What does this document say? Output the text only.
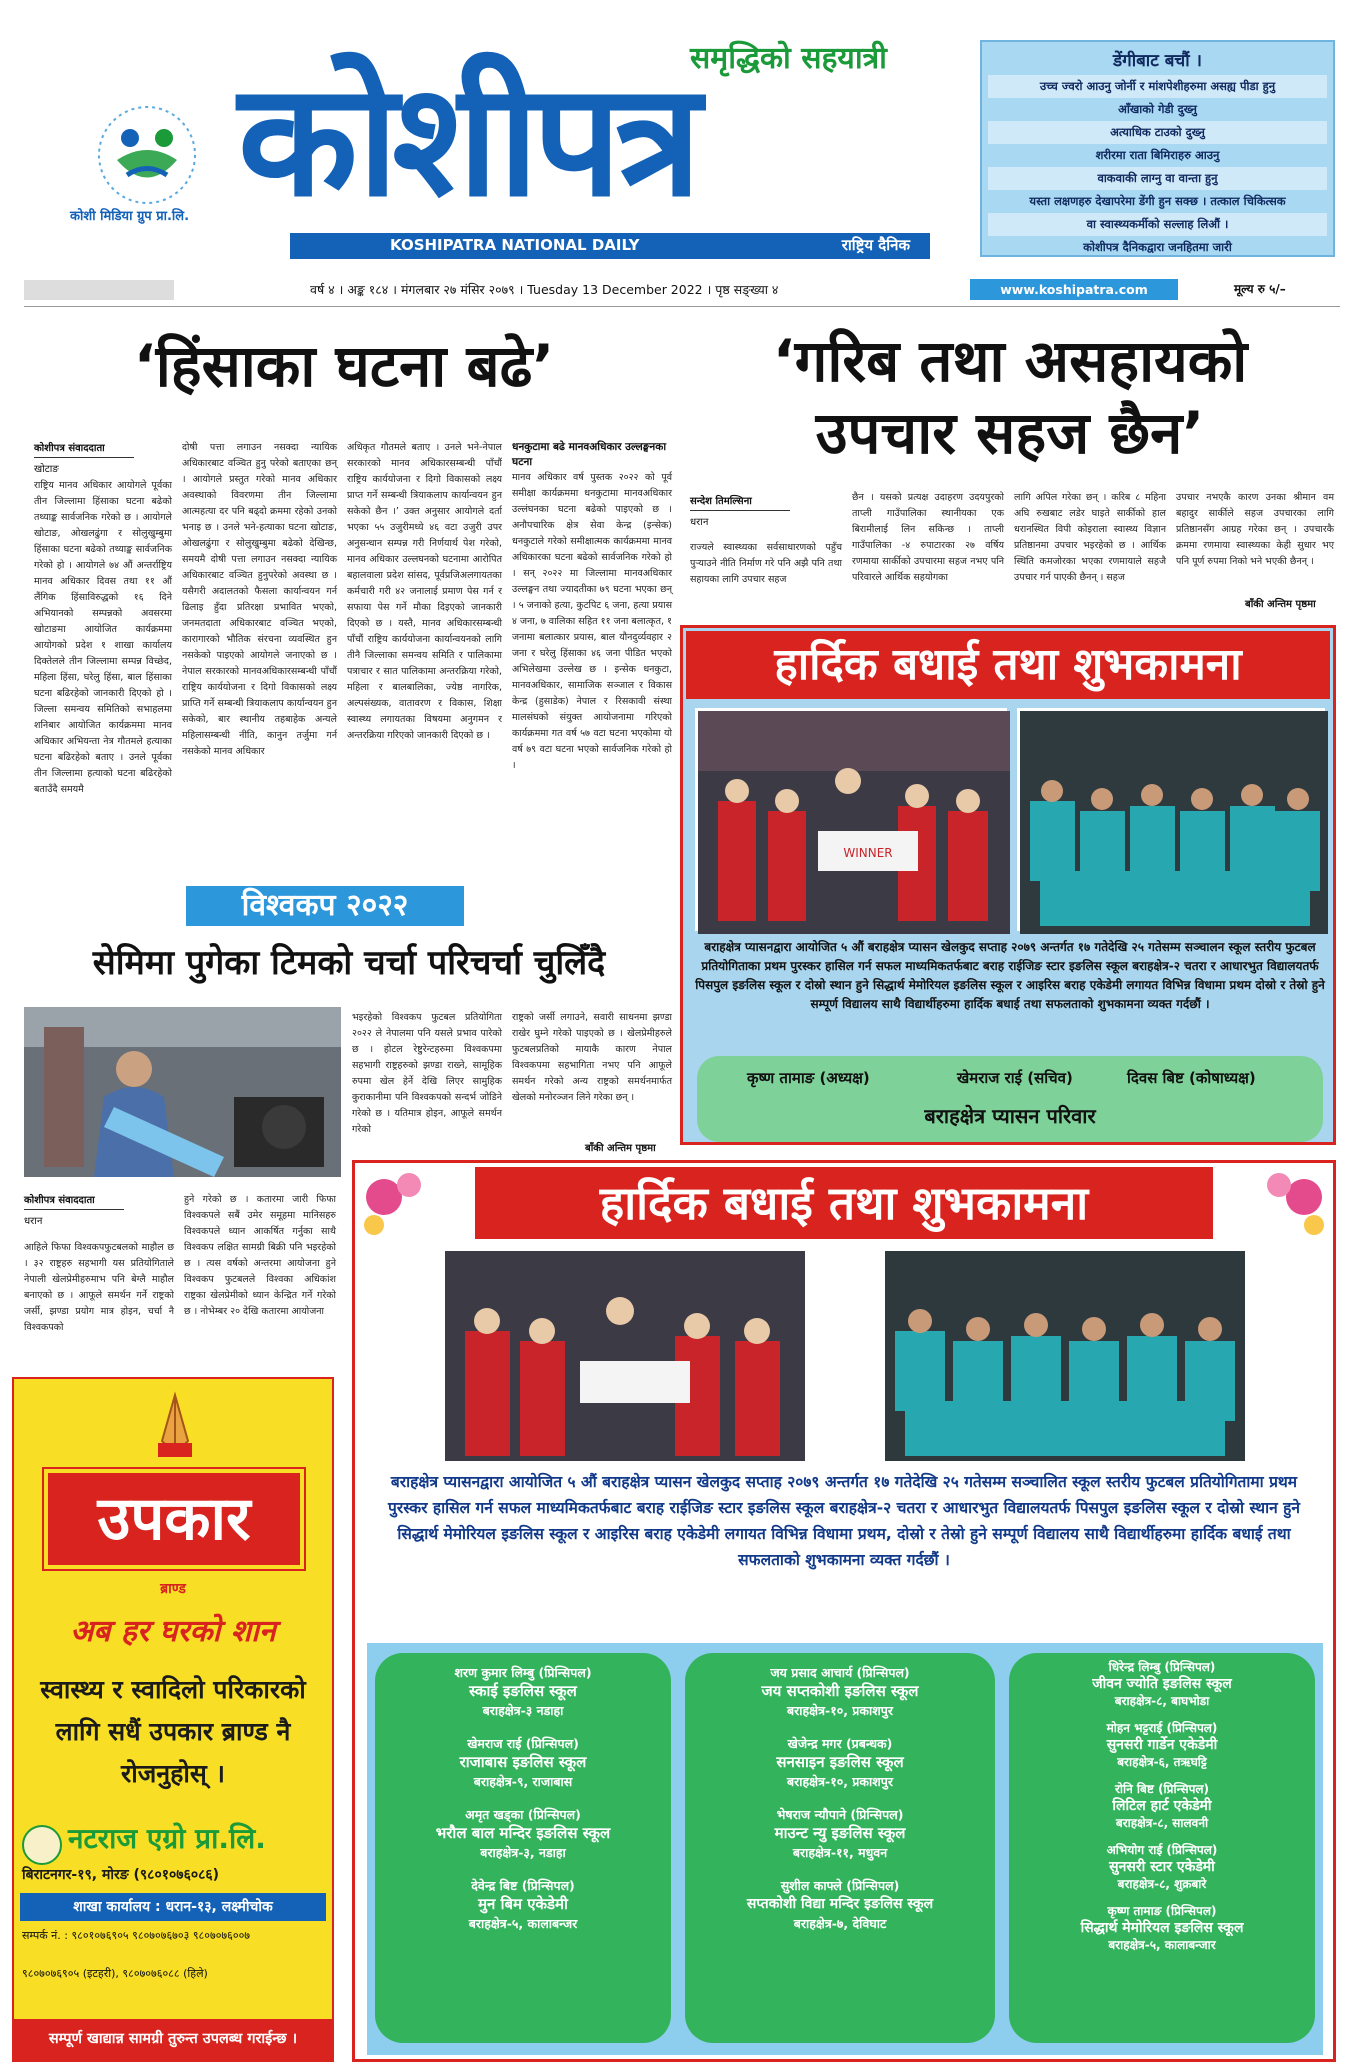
कोशी मिडिया ग्रुप प्रा.लि.
समृद्धिको सहयात्री
कोशीपत्र
KOSHIPATRA NATIONAL DAILY	राष्ट्रिय दैनिक
डेंगीबाट बचौं ।
उच्च ज्वरो आउनु जोर्नी र मांशपेशीहरुमा असह्य पीडा हुनु
आँखाको गेडी दुख्नु
अत्याधिक टाउको दुख्नु
शरीरमा राता बिमिराहरु आउनु
वाकवाकी लाग्नु वा वान्ता हुनु
यस्ता लक्षणहरु देखापरेमा डेंगी हुन सक्छ । तत्काल चिकित्सक
वा स्वास्थ्यकर्मीको सल्लाह लिऔं ।
कोशीपत्र दैनिकद्वारा जनहितमा जारी
वर्ष ४ । अङ्क १८४ । मंगलबार २७ मंसिर २०७९ । Tuesday 13 December 2022 । पृष्ठ सङ्ख्या ४	www.koshipatra.com	मूल्य रु ५/–
‘हिंसाका घटना बढे’
कोशीपत्र संवाददाता
खोटाङ
राष्ट्रिय मानव अधिकार आयोगले पूर्वका तीन जिल्लामा हिंसाका घटना बढेको तथ्याङ्क सार्वजनिक गरेको छ । आयोगले खोटाङ, ओखलढुंगा र सोलुखुम्बुमा हिंसाका घटना बढेको तथ्याङ्क सार्वजनिक गरेको हो । आयोगले ७४ औं अन्तर्राष्ट्रिय मानव अधिकार दिवस तथा ११ औं लैंगिक हिंसाविरुद्धको १६ दिने अभियानको सम्पन्नको अवसरमा खोटाङमा आयोजित कार्यक्रममा आयोगको प्रदेश १ शाखा कार्यालय दिक्तेलले तीन जिल्लामा सम्पन्न विच्छेद, महिला हिंसा, घरेलु हिंसा, बाल हिंसाका घटना बढिरहेको जानकारी दिएको हो । जिल्ला समन्वय समितिको सभाहलमा शनिबार आयोजित कार्यक्रममा मानव अधिकार अभियन्ता नेत्र गौतमले हत्याका घटना बढिरहेको बताए । उनले पूर्वका तीन जिल्लामा हत्याको घटना बढिरहेको बताउँदै समयमै
दोषी पत्ता लगाउन नसक्दा न्यायिक अधिकारबाट वञ्चित हुनु परेको बताएका छन् । आयोगले प्रस्तुत गरेको मानव अधिकार अवस्थाको विवरणमा तीन जिल्लामा आत्महत्या दर पनि बढ्दो क्रममा रहेको उनको भनाइ छ । उनले भने-हत्याका घटना खोटाङ, ओखलढुंगा र सोलुखुम्बुमा बढेको देखिन्छ, समयमै दोषी पत्ता लगाउन नसक्दा न्यायिक अधिकारबाट वञ्चित हुनुपरेको अवस्था छ । यसैगरी अदालतको फैसला कार्यान्वयन गर्न ढिलाइ हुँदा प्रतिरक्षा प्रभावित भएको, जनमतदाता अधिकारबाट वञ्चित भएको, कारागारको भौतिक संरचना व्यवस्थित हुन नसकेको पाइएको आयोगले जनाएको छ । नेपाल सरकारको मानवअधिकारसम्बन्धी पाँचौं राष्ट्रिय कार्ययोजना र दिगो विकासको लक्ष्य प्राप्ति गर्ने सम्बन्धी त्रियाकलाप कार्यान्वयन हुन सकेको, बार स्थानीय तहबाहेक अन्यले महिलासम्बन्धी नीति, कानुन तर्जुमा गर्न नसकेको मानव अधिकार
अधिकृत गौतमले बताए । उनले भने-नेपाल सरकारको मानव अधिकारसम्बन्धी पाँचौं राष्ट्रिय कार्ययोजना र दिगो विकासको लक्ष्य प्राप्त गर्ने सम्बन्धी त्रियाकलाप कार्यान्वयन हुन सकेको छैन ।’ उक्त अनुसार आयोगले दर्ता भएका ५५ उजुरीमध्ये ४६ वटा उजुरी उपर अनुसन्धान सम्पन्न गरी निर्णयार्थ पेश गरेको, मानव अधिकार उल्लघनको घटनामा आरोपित बहालवाला प्रदेश सांसद, पूर्वप्रजिअलगायतका कर्मचारी गरी ४२ जनालाई प्रमाण पेस गर्न र सफाया पेस गर्ने मौका दिइएको जानकारी दिएको छ । यस्तै, मानव अधिकारसम्बन्धी पाँचौं राष्ट्रिय कार्ययोजना कार्यान्वयनको लागि तीनै जिल्लाका समन्वय समिति र पालिकामा पत्राचार र सात पालिकामा अन्तरक्रिया गरेको, महिला र बालबालिका, ज्येष्ठ नागरिक, अल्पसंख्यक, वातावरण र विकास, शिक्षा स्वास्थ्य लगायतका विषयमा अनुगमन र अन्तरक्रिया गरिएको जानकारी दिएको छ ।
धनकुटामा बढे मानवअधिकार उल्लङ्घनका घटना
मानव अधिकार वर्ष पुस्तक २०२२ को पूर्व समीक्षा कार्यक्रममा धनकुटामा मानवअधिकार उल्लंघनका घटना बढेको पाइएको छ । अनौपचारिक क्षेत्र सेवा केन्द्र (इन्सेक) धनकुटाले गरेको समीक्षात्मक कार्यक्रममा मानव अधिकारका घटना बढेको सार्वजनिक गरेको हो । सन् २०२२ मा जिल्लामा मानवअधिकार उल्लङ्घन तथा ज्यादतीका ७९ घटना भएका छन् । ५ जनाको हत्या, कुटपिट ६ जना, हत्या प्रयास ४ जना, ७ वालिका सहित ११ जना बलात्कृत, १ जनामा बलात्कार प्रयास, बाल यौनदुर्व्यवहार २ जना र घरेलु हिंसाका ४६ जना पीडित भएको अभिलेखमा उल्लेख छ । इन्सेक धनकुटा, मानवअधिकार, सामाजिक सञ्जाल र विकास केन्द्र (हुसाडेक) नेपाल र रिसकावी संस्था मालसंघको संयुक्त आयोजनामा गरिएको कार्यक्रममा गत वर्ष ५७ वटा घटना भएकोमा यो वर्ष ७९ वटा घटना भएको सार्वजनिक गरेको हो ।
‘गरिब तथा असहायको
उपचार सहज छैन’
सन्देश तिमल्सिना
धरान
राज्यले स्वास्थ्यका सर्वसाधारणको पहुँच पुऱ्याउने नीति निर्माण गरे पनि अझै पनि तथा सहायका लागि उपचार सहज
छैन । यसको प्रत्यक्ष उदाहरण उदयपुरको ताप्ली गाउँपालिका स्थानीयका एक बिरामीलाई लिन सकिन्छ । ताप्ली गाउँपालिका -४ रुपाटारका २७ वर्षिय रणमाया सार्कीको उपचारमा सहज नभए पनि परिवारले आर्थिक सहयोगका
लागि अपिल गरेका छन् । करिब ८ महिना अघि रुखबाट लडेर घाइते सार्कीको हाल धरानस्थित विपी कोइराला स्वास्थ्य विज्ञान प्रतिष्ठानमा उपचार भइरहेको छ । आर्थिक स्थिति कमजोरका भएका रणमायाले सहजै उपचार गर्न पाएकी छैनन् । सहज
उपचार नभएकै कारण उनका श्रीमान वम बहादुर सार्कीले सहज उपचारका लागि प्रतिष्ठानसँग आग्रह गरेका छन् । उपचारकै क्रममा रणमाया स्वास्थ्यका केही सुधार भए पनि पूर्ण रुपमा निको भने भएकी छैनन् ।
बाँकी अन्तिम पृष्ठमा
हार्दिक बधाई तथा शुभकामना
WINNER
बराहक्षेत्र प्यासनद्वारा आयोजित ५ औं बराहक्षेत्र प्यासन खेलकुद सप्ताह २०७९ अन्तर्गत १७ गतेदेखि २५ गतेसम्म सञ्चालन स्कूल स्तरीय फुटबल प्रतियोगिताका प्रथम पुरस्कर हासिल गर्न सफल माध्यमिकतर्फबाट बराह राईजिङ स्टार इङलिस स्कूल बराहक्षेत्र-२ चतरा र आधारभुत विद्यालयतर्फ पिसपुल इङलिस स्कूल र दोस्रो स्थान हुने सिद्धार्थ मेमोरियल इङलिस स्कूल र आइरिस बराह एकेडेमी लगायत विभिन्न विधामा प्रथम दोस्रो र तेस्रो हुने सम्पूर्ण विद्यालय साथै विद्यार्थीहरुमा हार्दिक बधाई तथा सफलताको शुभकामना व्यक्त गर्दछौं ।
कृष्ण तामाङ (अध्यक्ष)	खेमराज राई (सचिव)	दिवस बिष्ट (कोषाध्यक्ष)
बराहक्षेत्र प्यासन परिवार
विश्वकप २०२२
सेमिमा पुगेका टिमको चर्चा परिचर्चा चुलिँदै
भइरहेको विश्वकप फुटबल प्रतियोगिता २०२२ ले नेपालमा पनि यसले प्रभाव पारेको छ । होटल रेष्टुरेन्टहरुमा विश्वकपमा सहभागी राष्ट्रहरुको झण्डा राख्ने, सामूहिक रुपमा खेल हेर्ने देखि लिएर सामुहिक कुराकानीमा पनि विश्वकपको सन्दर्भ जोडिने गरेको छ । यतिमात्र होइन, आफूले समर्थन गरेको
राष्ट्रको जर्सी लगाउने, सवारी साधनमा झण्डा राखेर घुम्ने गरेको पाइएको छ । खेलप्रेमीहरुले फुटबलप्रतिको मायाकै कारण नेपाल विश्वकपमा सहभागिता नभए पनि आफूले समर्थन गरेको अन्य राष्ट्रको समर्थनमार्फत खेलको मनोरञ्जन लिने गरेका छन् ।
बाँकी अन्तिम पृष्ठमा
कोशीपत्र संवाददाता
धरान
आहिले फिफा विश्वकपफुटबलको माहौल छ । ३२ राष्ट्रहरु सहभागी यस प्रतियोगिताले नेपाली खेलप्रेमीहरुमाभ पनि बेग्लै माहौल बनाएको छ । आफूले समर्थन गर्ने राष्ट्रको जर्सी, झण्डा प्रयोग मात्र होइन, चर्चा नै विश्वकपको
हुने गरेको छ । कतारमा जारी फिफा विश्वकपले सबैं उमेर समूहमा मानिसहरु विश्वकपले ध्यान आकर्षित गर्नुका साथै विश्वकप लक्षित सामग्री बिक्री पनि भइरहेको छ । त्यस वर्षको अन्तरमा आयोजना हुने विश्वकप फुटबलले विश्वका अधिकांश राष्ट्रका खेलप्रेमीको ध्यान केन्द्रित गर्ने गरेको छ । नोभेम्बर २० देखि कतारमा आयोजना
हार्दिक बधाई तथा शुभकामना
बराहक्षेत्र प्यासनद्वारा आयोजित ५ औं बराहक्षेत्र प्यासन खेलकुद सप्ताह २०७९ अन्तर्गत १७ गतेदेखि २५ गतेसम्म सञ्चालित स्कूल स्तरीय फुटबल प्रतियोगितामा प्रथम पुरस्कर हासिल गर्न सफल माध्यमिकतर्फबाट बराह राईजिङ स्टार इङलिस स्कूल बराहक्षेत्र-२ चतरा र आधारभुत विद्यालयतर्फ पिसपुल इङलिस स्कूल र दोस्रो स्थान हुने सिद्धार्थ मेमोरियल इङलिस स्कूल र आइरिस बराह एकेडेमी लगायत विभिन्न विधामा प्रथम, दोस्रो र तेस्रो हुने सम्पूर्ण विद्यालय साथै विद्यार्थीहरुमा हार्दिक बधाई तथा सफलताको शुभकामना व्यक्त गर्दछौं ।
शरण कुमार लिम्बु (प्रिन्सिपल)
स्काई इङलिस स्कूल
बराहक्षेत्र-३ नडाहा
खेमराज राई (प्रिन्सिपल)
राजाबास इङलिस स्कूल
बराहक्षेत्र-९, राजाबास
अमृत खड्का (प्रिन्सिपल)
भरौल बाल मन्दिर इङलिस स्कूल
बराहक्षेत्र-३, नडाहा
देवेन्द्र बिष्ट (प्रिन्सिपल)
मुन बिम एकेडेमी
बराहक्षेत्र-५, कालाबन्जर
जय प्रसाद आचार्य (प्रिन्सिपल)
जय सप्तकोशी इङलिस स्कूल
बराहक्षेत्र-१०, प्रकाशपुर
खेजेन्द्र मगर (प्रबन्धक)
सनसाइन इङलिस स्कूल
बराहक्षेत्र-१०, प्रकाशपुर
भेषराज न्यौपाने (प्रिन्सिपल)
माउन्ट न्यु इङलिस स्कूल
बराहक्षेत्र-११, मधुवन
सुशील काफ्ले (प्रिन्सिपल)
सप्तकोशी विद्या मन्दिर इङलिस स्कूल
बराहक्षेत्र-७, देविघाट
धिरेन्द्र लिम्बु (प्रिन्सिपल)
जीवन ज्योति इङलिस स्कूल
बराहक्षेत्र-८, बाघभोडा
मोहन भट्टराई (प्रिन्सिपल)
सुनसरी गार्डेन एकेडेमी
बराहक्षेत्र-६, तऋघट्टि
रोनि बिष्ट (प्रिन्सिपल)
लिटिल हार्ट एकेडेमी
बराहक्षेत्र-८, सालवनी
अभियोग राई (प्रिन्सिपल)
सुनसरी स्टार एकेडेमी
बराहक्षेत्र-८, शुक्रबारे
कृष्ण तामाङ (प्रिन्सिपल)
सिद्धार्थ मेमोरियल इङलिस स्कूल
बराहक्षेत्र-५, कालाबन्जार
उपकार
ब्राण्ड
अब हर घरको शान
स्वास्थ्य र स्वादिलो परिकारको लागि सधैं उपकार ब्राण्ड नै रोजनुहोस् ।
नटराज एग्रो प्रा.लि.
बिराटनगर-१९, मोरङ (९८०१०७६०८६)
शाखा कार्यालय : धरान-१३, लक्ष्मीचोक
सम्पर्क नं. : ९८०१०७६९०५ ९८०७०७६७०३ ९८०७०७६००७
९८०७०७६९०५ (इटहरी), ९८०७०७६०८८ (हिले)
सम्पूर्ण खाद्यान्न सामग्री तुरुन्त उपलब्ध गराईन्छ ।
